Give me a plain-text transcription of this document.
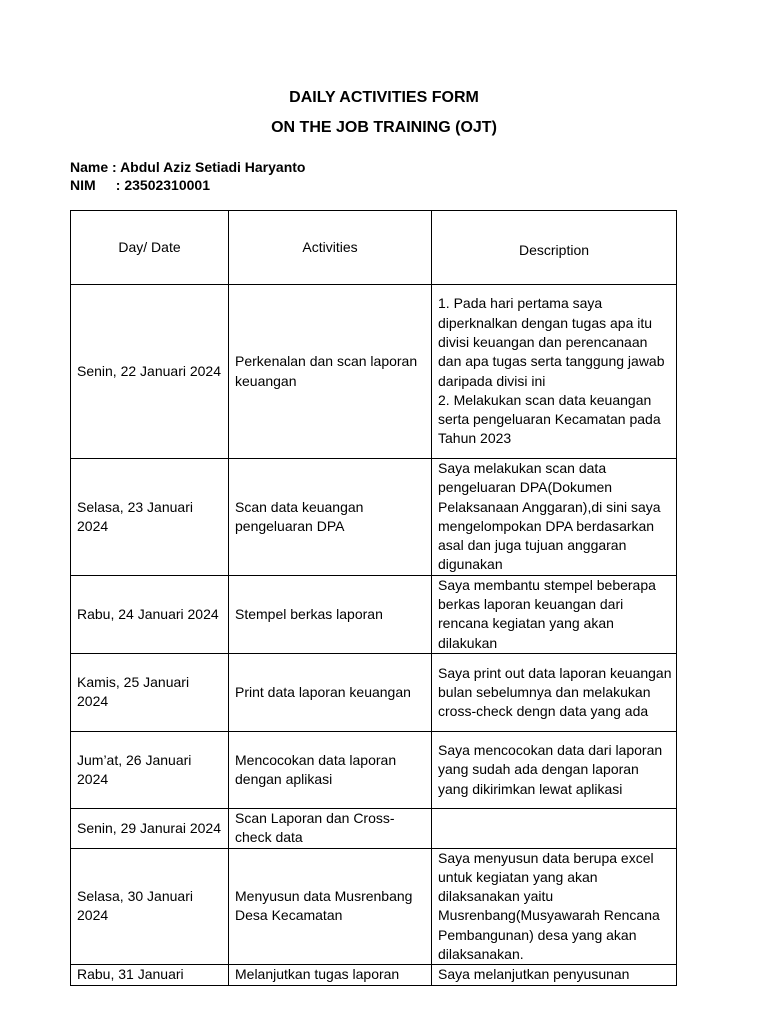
DAILY ACTIVITIES FORM
ON THE JOB TRAINING (OJT)
Name : Abdul Aziz Setiadi Haryanto
NIM  : 23502310001
Day/ Date	Activities	Description
Senin, 22 Januari 2024	Perkenalan dan scan laporan keuangan	1. Pada hari pertama saya diperknalkan dengan tugas apa itu divisi keuangan dan perencanaan dan apa tugas serta tanggung jawab daripada divisi ini
2. Melakukan scan data keuangan serta pengeluaran Kecamatan pada Tahun 2023

Selasa, 23 Januari 2024	Scan data keuangan pengeluaran DPA	Saya melakukan scan data pengeluaran DPA(Dokumen Pelaksanaan Anggaran),di sini saya mengelompokan DPA berdasarkan asal dan juga tujuan anggaran digunakan

Rabu, 24 Januari 2024	Stempel berkas laporan	Saya membantu stempel beberapa berkas laporan keuangan dari rencana kegiatan yang akan dilakukan

Kamis, 25 Januari 2024	Print data laporan keuangan	Saya print out data laporan keuangan bulan sebelumnya dan melakukan cross-check dengn data yang ada

Jum’at, 26 Januari 2024	Mencocokan data laporan dengan aplikasi	Saya mencocokan data dari laporan yang sudah ada dengan laporan yang dikirimkan lewat aplikasi

Senin, 29 Janurai 2024	Scan Laporan dan Cross-check data	
Selasa, 30 Januari 2024	Menyusun data Musrenbang Desa Kecamatan	Saya menyusun data berupa excel untuk kegiatan yang akan dilaksanakan yaitu Musrenbang(Musyawarah Rencana Pembangunan) desa yang akan dilaksanakan.

Rabu, 31 Januari	Melanjutkan tugas laporan	Saya melanjutkan penyusunan
